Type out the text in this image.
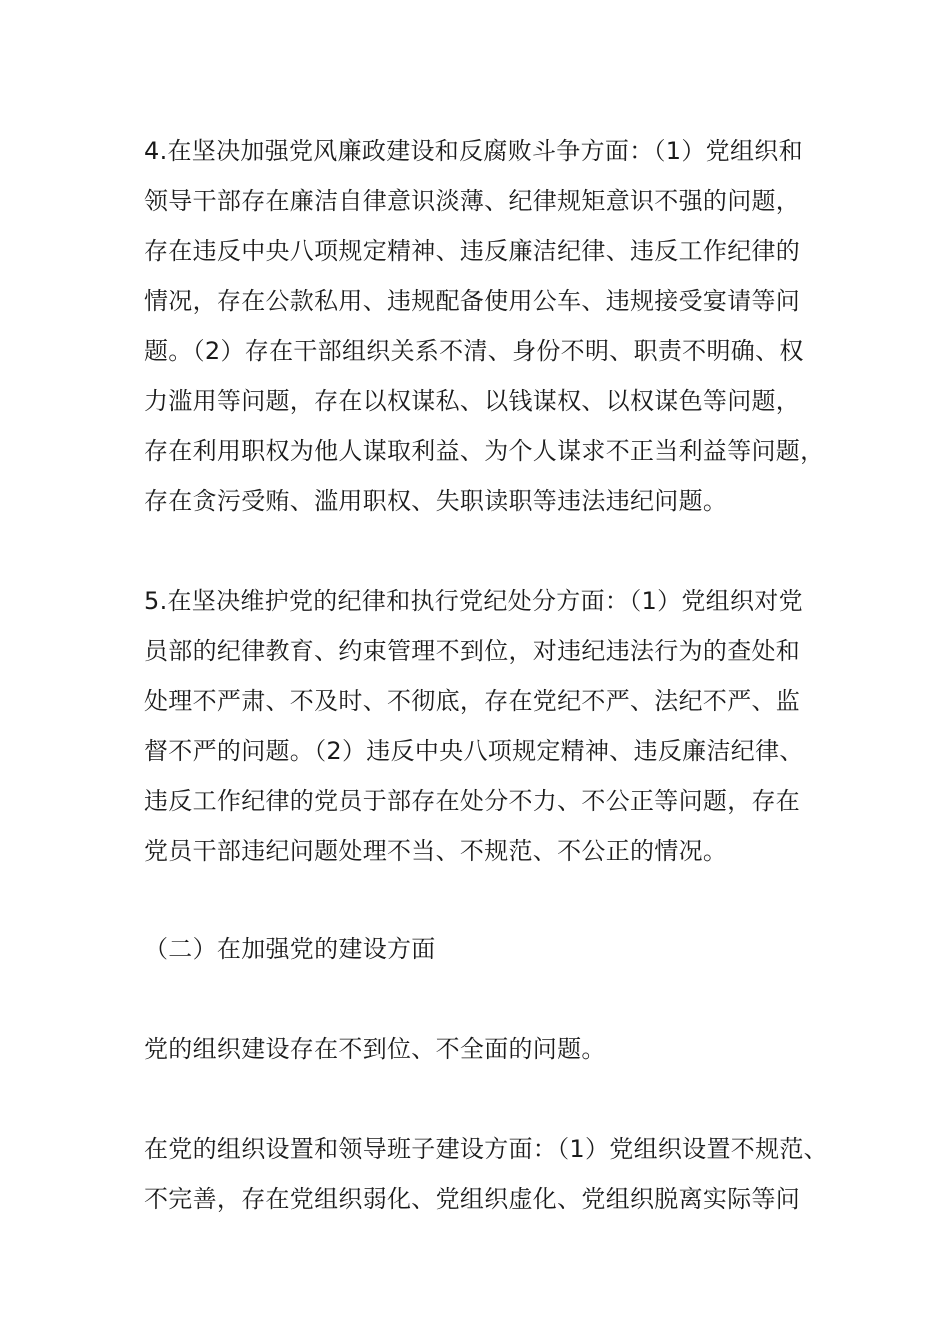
4.在坚决加强党风廉政建设和反腐败斗争方面：（1）党组织和
领导干部存在廉洁自律意识淡薄、纪律规矩意识不强的问题，
存在违反中央八项规定精神、违反廉洁纪律、违反工作纪律的
情况，存在公款私用、违规配备使用公车、违规接受宴请等问
题。（2）存在干部组织关系不清、身份不明、职责不明确、权
力滥用等问题，存在以权谋私、以钱谋权、以权谋色等问题，
存在利用职权为他人谋取利益、为个人谋求不正当利益等问题，
存在贪污受贿、滥用职权、失职读职等违法违纪问题。
5.在坚决维护党的纪律和执行党纪处分方面：（1）党组织对党
员部的纪律教育、约束管理不到位，对违纪违法行为的查处和
处理不严肃、不及时、不彻底，存在党纪不严、法纪不严、监
督不严的问题。（2）违反中央八项规定精神、违反廉洁纪律、
违反工作纪律的党员于部存在处分不力、不公正等问题，存在
党员干部违纪问题处理不当、不规范、不公正的情况。
（二）在加强党的建设方面
党的组织建设存在不到位、不全面的问题。
在党的组织设置和领导班子建设方面：（1）党组织设置不规范、
不完善，存在党组织弱化、党组织虚化、党组织脱离实际等问
